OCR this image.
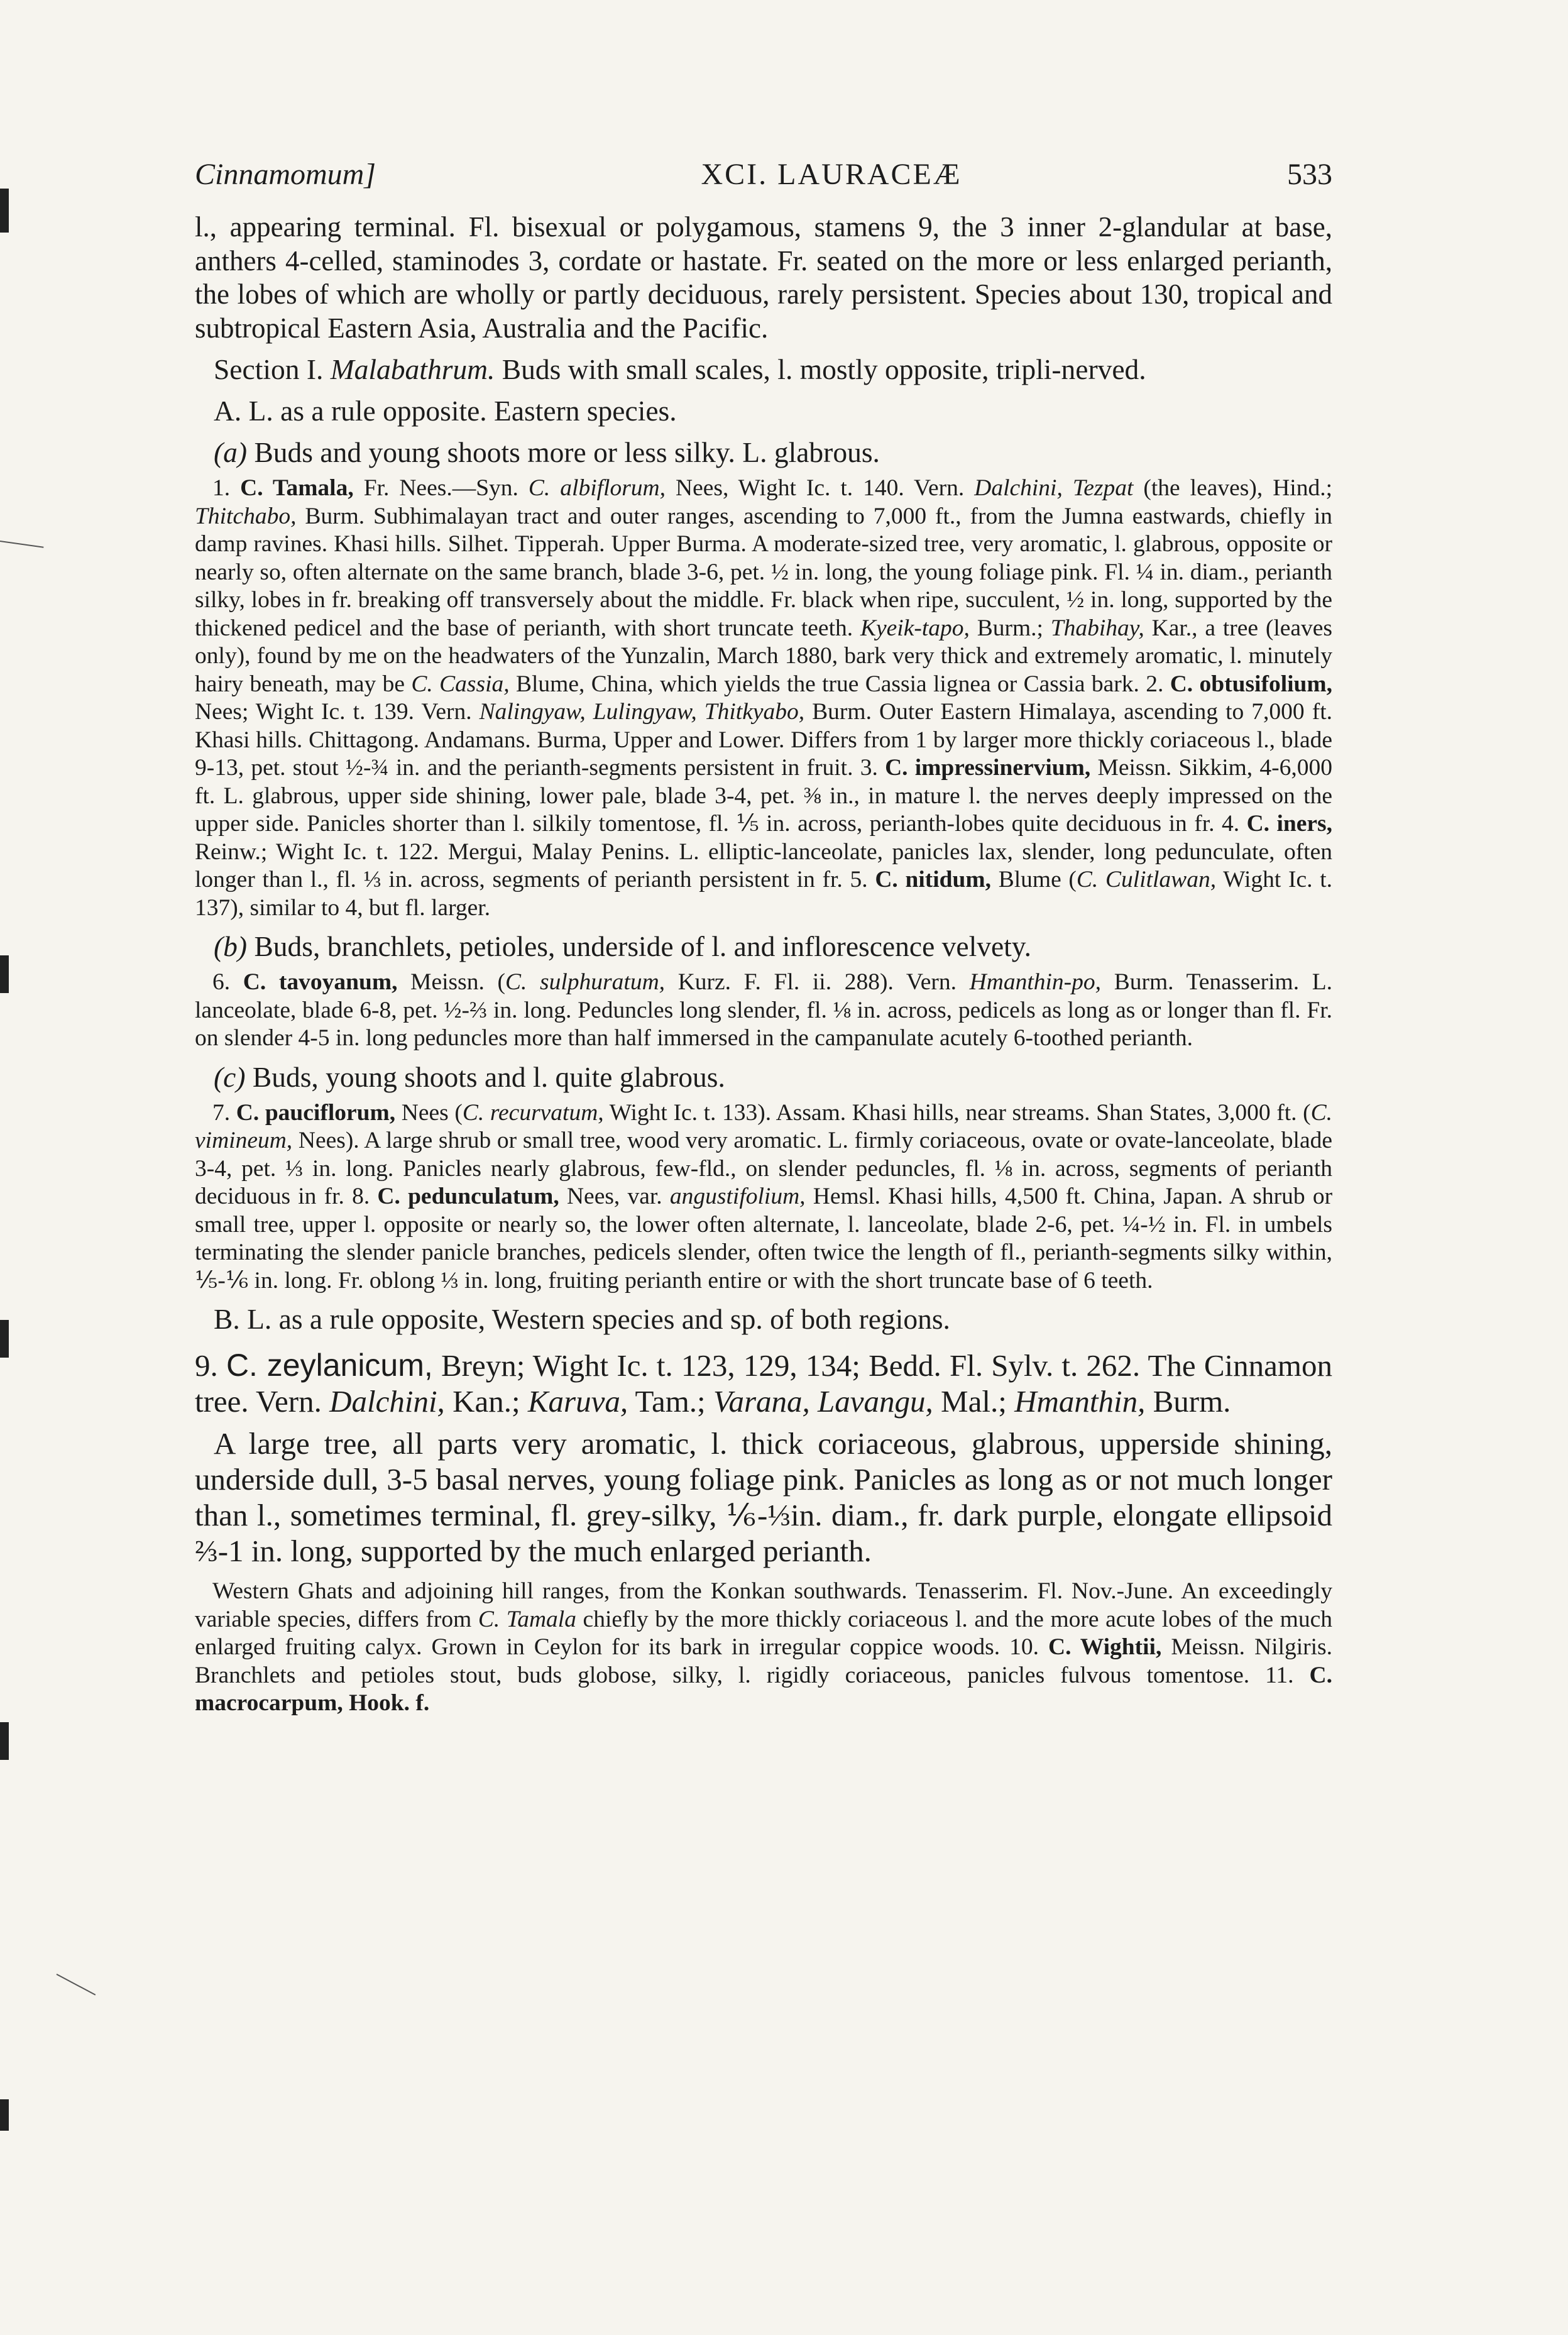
Cinnamomum]	XCI. LAURACEÆ	533

l., appearing terminal. Fl. bisexual or polygamous, stamens 9, the 3 inner 2-glandular at base, anthers 4-celled, staminodes 3, cordate or hastate. Fr. seated on the more or less enlarged perianth, the lobes of which are wholly or partly deciduous, rarely persistent. Species about 130, tropical and subtropical Eastern Asia, Australia and the Pacific.

Section I. Malabathrum. Buds with small scales, l. mostly opposite, tripli-nerved.

A. L. as a rule opposite. Eastern species.

(a) Buds and young shoots more or less silky. L. glabrous.

1. C. Tamala, Fr. Nees.—Syn. C. albiflorum, Nees, Wight Ic. t. 140. Vern. Dalchini, Tezpat (the leaves), Hind.; Thitchabo, Burm. Subhimalayan tract and outer ranges, ascending to 7,000 ft., from the Jumna eastwards, chiefly in damp ravines. Khasi hills. Silhet. Tipperah. Upper Burma. A moderate-sized tree, very aromatic, l. glabrous, opposite or nearly so, often alternate on the same branch, blade 3-6, pet. ½ in. long, the young foliage pink. Fl. ¼ in. diam., perianth silky, lobes in fr. breaking off transversely about the middle. Fr. black when ripe, succulent, ½ in. long, supported by the thickened pedicel and the base of perianth, with short truncate teeth. Kyeik-tapo, Burm.; Thabihay, Kar., a tree (leaves only), found by me on the headwaters of the Yunzalin, March 1880, bark very thick and extremely aromatic, l. minutely hairy beneath, may be C. Cassia, Blume, China, which yields the true Cassia lignea or Cassia bark. 2. C. obtusifolium, Nees; Wight Ic. t. 139. Vern. Nalingyaw, Lulingyaw, Thitkyabo, Burm. Outer Eastern Himalaya, ascending to 7,000 ft. Khasi hills. Chittagong. Andamans. Burma, Upper and Lower. Differs from 1 by larger more thickly coriaceous l., blade 9-13, pet. stout ½-¾ in. and the perianth-segments persistent in fruit. 3. C. impressinervium, Meissn. Sikkim, 4-6,000 ft. L. glabrous, upper side shining, lower pale, blade 3-4, pet. ⅜ in., in mature l. the nerves deeply impressed on the upper side. Panicles shorter than l. silkily tomentose, fl. ⅕ in. across, perianth-lobes quite deciduous in fr. 4. C. iners, Reinw.; Wight Ic. t. 122. Mergui, Malay Penins. L. elliptic-lanceolate, panicles lax, slender, long pedunculate, often longer than l., fl. ⅓ in. across, segments of perianth persistent in fr. 5. C. nitidum, Blume (C. Culitlawan, Wight Ic. t. 137), similar to 4, but fl. larger.

(b) Buds, branchlets, petioles, underside of l. and inflorescence velvety.

6. C. tavoyanum, Meissn. (C. sulphuratum, Kurz. F. Fl. ii. 288). Vern. Hmanthin-po, Burm. Tenasserim. L. lanceolate, blade 6-8, pet. ½-⅔ in. long. Peduncles long slender, fl. ⅛ in. across, pedicels as long as or longer than fl. Fr. on slender 4-5 in. long peduncles more than half immersed in the campanulate acutely 6-toothed perianth.

(c) Buds, young shoots and l. quite glabrous.

7. C. pauciflorum, Nees (C. recurvatum, Wight Ic. t. 133). Assam. Khasi hills, near streams. Shan States, 3,000 ft. (C. vimineum, Nees). A large shrub or small tree, wood very aromatic. L. firmly coriaceous, ovate or ovate-lanceolate, blade 3-4, pet. ⅓ in. long. Panicles nearly glabrous, few-fld., on slender peduncles, fl. ⅛ in. across, segments of perianth deciduous in fr. 8. C. pedunculatum, Nees, var. angustifolium, Hemsl. Khasi hills, 4,500 ft. China, Japan. A shrub or small tree, upper l. opposite or nearly so, the lower often alternate, l. lanceolate, blade 2-6, pet. ¼-½ in. Fl. in umbels terminating the slender panicle branches, pedicels slender, often twice the length of fl., perianth-segments silky within, ⅕-⅙ in. long. Fr. oblong ⅓ in. long, fruiting perianth entire or with the short truncate base of 6 teeth.

B. L. as a rule opposite, Western species and sp. of both regions.

9. C. zeylanicum, Breyn; Wight Ic. t. 123, 129, 134; Bedd. Fl. Sylv. t. 262. The Cinnamon tree. Vern. Dalchini, Kan.; Karuva, Tam.; Varana, Lavangu, Mal.; Hmanthin, Burm.

A large tree, all parts very aromatic, l. thick coriaceous, glabrous, upperside shining, underside dull, 3-5 basal nerves, young foliage pink. Panicles as long as or not much longer than l., sometimes terminal, fl. grey-silky, ⅙-⅓in. diam., fr. dark purple, elongate ellipsoid ⅔-1 in. long, supported by the much enlarged perianth.

Western Ghats and adjoining hill ranges, from the Konkan southwards. Tenasserim. Fl. Nov.-June. An exceedingly variable species, differs from C. Tamala chiefly by the more thickly coriaceous l. and the more acute lobes of the much enlarged fruiting calyx. Grown in Ceylon for its bark in irregular coppice woods. 10. C. Wightii, Meissn. Nilgiris. Branchlets and petioles stout, buds globose, silky, l. rigidly coriaceous, panicles fulvous tomentose. 11. C. macrocarpum, Hook. f.
